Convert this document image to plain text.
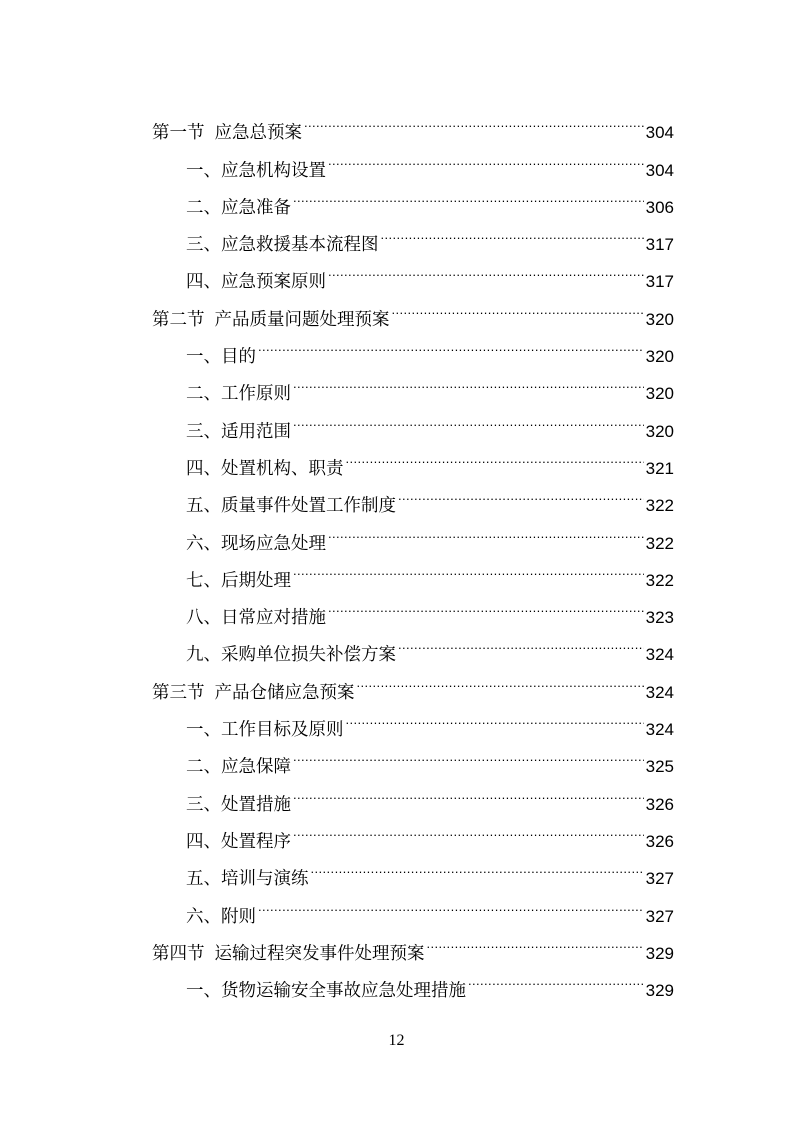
第一节 应急总预案 .....	304
一、应急机构设置 .....	304
二、应急准备 .....	306
三、应急救援基本流程图 .....	317
四、应急预案原则 .....	317
第二节 产品质量问题处理预案 .....	320
一、目的 .....	320
二、工作原则 .....	320
三、适用范围 .....	320
四、处置机构、职责 .....	321
五、质量事件处置工作制度 .....	322
六、现场应急处理 .....	322
七、后期处理 .....	322
八、日常应对措施 .....	323
九、采购单位损失补偿方案 .....	324
第三节 产品仓储应急预案 .....	324
一、工作目标及原则 .....	324
二、应急保障 .....	325
三、处置措施 .....	326
四、处置程序 .....	326
五、培训与演练 .....	327
六、附则 .....	327
第四节 运输过程突发事件处理预案 .....	329
一、货物运输安全事故应急处理措施 .....	329
12
